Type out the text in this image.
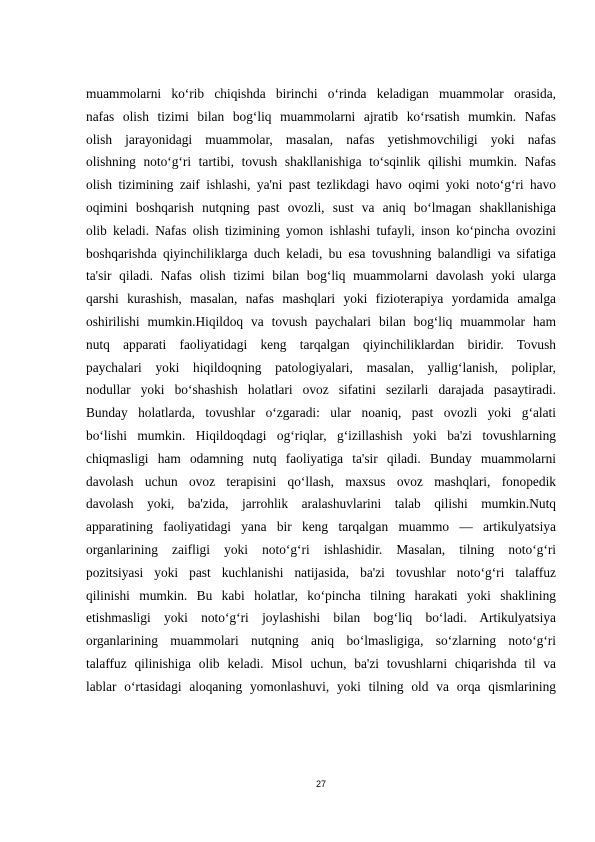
muammolarni ko‘rib chiqishda birinchi o‘rinda keladigan muammolar orasida,
nafas olish tizimi bilan bog‘liq muammolarni ajratib ko‘rsatish mumkin. Nafas
olish jarayonidagi muammolar, masalan, nafas yetishmovchiligi yoki nafas
olishning noto‘g‘ri tartibi, tovush shakllanishiga to‘sqinlik qilishi mumkin. Nafas
olish tizimining zaif ishlashi, ya'ni past tezlikdagi havo oqimi yoki noto‘g‘ri havo
oqimini boshqarish nutqning past ovozli, sust va aniq bo‘lmagan shakllanishiga
olib keladi. Nafas olish tizimining yomon ishlashi tufayli, inson ko‘pincha ovozini
boshqarishda qiyinchiliklarga duch keladi, bu esa tovushning balandligi va sifatiga
ta'sir qiladi. Nafas olish tizimi bilan bog‘liq muammolarni davolash yoki ularga
qarshi kurashish, masalan, nafas mashqlari yoki fizioterapiya yordamida amalga
oshirilishi mumkin.Hiqildoq va tovush paychalari bilan bog‘liq muammolar ham
nutq apparati faoliyatidagi keng tarqalgan qiyinchiliklardan biridir. Tovush
paychalari yoki hiqildoqning patologiyalari, masalan, yallig‘lanish, poliplar,
nodullar yoki bo‘shashish holatlari ovoz sifatini sezilarli darajada pasaytiradi.
Bunday holatlarda, tovushlar o‘zgaradi: ular noaniq, past ovozli yoki g‘alati
bo‘lishi mumkin. Hiqildoqdagi og‘riqlar, g‘izillashish yoki ba'zi tovushlarning
chiqmasligi ham odamning nutq faoliyatiga ta'sir qiladi. Bunday muammolarni
davolash uchun ovoz terapisini qo‘llash, maxsus ovoz mashqlari, fonopedik
davolash yoki, ba'zida, jarrohlik aralashuvlarini talab qilishi mumkin.Nutq
apparatining faoliyatidagi yana bir keng tarqalgan muammo — artikulyatsiya
organlarining zaifligi yoki noto‘g‘ri ishlashidir. Masalan, tilning noto‘g‘ri
pozitsiyasi yoki past kuchlanishi natijasida, ba'zi tovushlar noto‘g‘ri talaffuz
qilinishi mumkin. Bu kabi holatlar, ko‘pincha tilning harakati yoki shaklining
etishmasligi yoki noto‘g‘ri joylashishi bilan bog‘liq bo‘ladi. Artikulyatsiya
organlarining muammolari nutqning aniq bo‘lmasligiga, so‘zlarning noto‘g‘ri
talaffuz qilinishiga olib keladi. Misol uchun, ba'zi tovushlarni chiqarishda til va
lablar o‘rtasidagi aloqaning yomonlashuvi, yoki tilning old va orqa qismlarining
27
